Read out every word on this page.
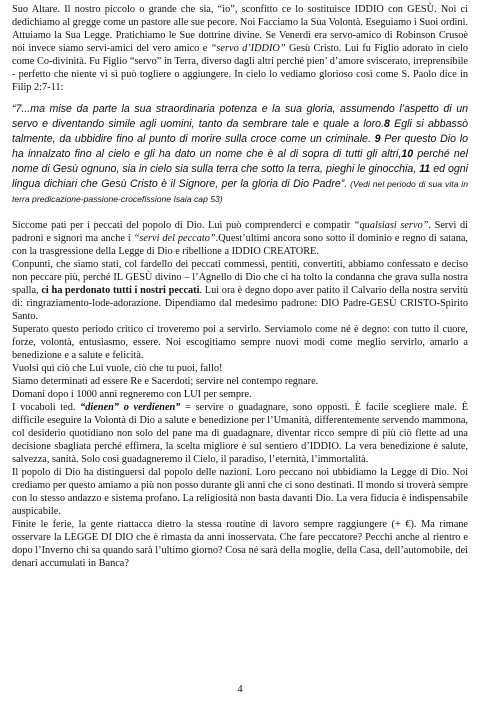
Suo Altare. Il nostro piccolo o grande che sia, “io”, sconfitto ce lo sostituisce IDDIO con GESÙ. Noi ci dedichiamo al gregge come un pastore alle sue pecore. Noi Facciamo la Sua Volontà. Eseguiamo i Suoi ordini. Attuiamo la Sua Legge. Pratichiamo le Sue dottrine divine. Se Venerdì era servo-amico di Robinson Crusoè noi invece siamo servi-amici del vero amico e “servo d’IDDIO” Gesù Cristo. Lui fu Figlio adorato in cielo come Co-divinità. Fu Figlio “servo” in Terra, diverso dagli altri perché pien’ d’amore sviscerato, irreprensibile - perfetto che niente vi si può togliere o aggiungere. In cielo lo vediamo glorioso così come S. Paolo dice in Filip 2:7-11:

“7...ma mise da parte la sua straordinaria potenza e la sua gloria, assumendo l’aspetto di un servo e diventando simile agli uomini, tanto da sembrare tale e quale a loro.8 Egli si abbassò talmente, da ubbidire fino al punto di morire sulla croce come un criminale. 9 Per questo Dio lo ha innalzato fino al cielo e gli ha dato un nome che è al di sopra di tutti gli altri,10 perché nel nome di Gesù ognuno, sia in cielo sia sulla terra che sotto la terra, pieghi le ginocchia, 11 ed ogni lingua dichiari che Gesù Cristo è il Signore, per la gloria di Dio Padre”. (Vedi nel periodo di sua vita in terra predicazione-passione-crocefissione Isaia cap 53)

Siccome patì per i peccati del popolo di Dio. Lui può comprenderci e compatir “qualsiasi servo”. Servi di padroni e signori ma anche i “servi del peccato”.Quest’ultimi ancora sono sotto il dominio e regno di satana, con la trasgressione della Legge di Dio e ribellione a IDDIO CREATORE.

Conpunti, che siamo stati, col fardello dei peccati commessi, pentiti, convertiti, abbiamo confessato e deciso non peccare più, perché IL GESÙ divino – l’Agnello di Dio che ci ha tolto la condanna che grava sulla nostra spalla, ci ha perdonato tutti i nostri peccati. Lui ora è degno dopo aver patito il Calvario della nostra servitù di: ringraziamento-lode-adorazione. Dipendiamo dal medesimo padrone: DIO Padre-GESÙ CRISTO-Spirito Santo.

Superato questo periodo critico ci troveremo poi a servirlo. Serviamolo come né è degno: con tutto il cuore, forze, volontà, entusiasmo, essere. Noi escogitiamo sempre nuovi modi come meglio servirlo, amarlo a benedizione e a salute e felicità.

Vuolsi quì ciò che Lui vuole, ciò che tu puoi, fallo!

Siamo determinati ad essere Re e Sacerdoti; servire nel contempo regnare.

Domani dopo i 1000 anni regneremo con LUI per sempre.

I vocaboli ted. “dienen” o verdienen” = servire o guadagnare, sono opposti. È facile scegliere male. È difficile eseguire la Volontà di Dio a salute e benedizione per l’Umanità, differentemente servendo mammona, col desiderio quotidiano non solo del pane ma di guadagnare, diventar ricco sempre di più ciò flette ad una decisione sbagliata perché effimera, la scelta migliore è sul sentiero d’IDDIO. La vera benedizione è salute, salvezza, sanità. Solo così guadagneremo il Cielo, il paradiso, l’eternità, l’immortalità.

Il popolo di Dio ha distinguersi dal popolo delle nazioni. Loro peccano noi ubbidiamo la Legge di Dio. Noi crediamo per questo amiamo a più non posso durante gli anni che ci sono destinati. Il mondo si troverà sempre con lo stesso andazzo e sistema profano. La religiosità non basta davanti Dio. La vera fiducia è indispensabile auspicabile.

Finite le ferie, la gente riattacca dietro la stessa routine di lavoro sempre raggiungere (+ €). Ma rimane osservare la LEGGE DI DIO che è rimasta da anni inosservata. Che fare peccatore? Pecchi anche al rientro e dopo l’Inverno chi sa quando sarà l’ultimo giorno? Cosa né sarà della moglie, della Casa, dell’automobile, dei denari accumulati in Banca?

4
